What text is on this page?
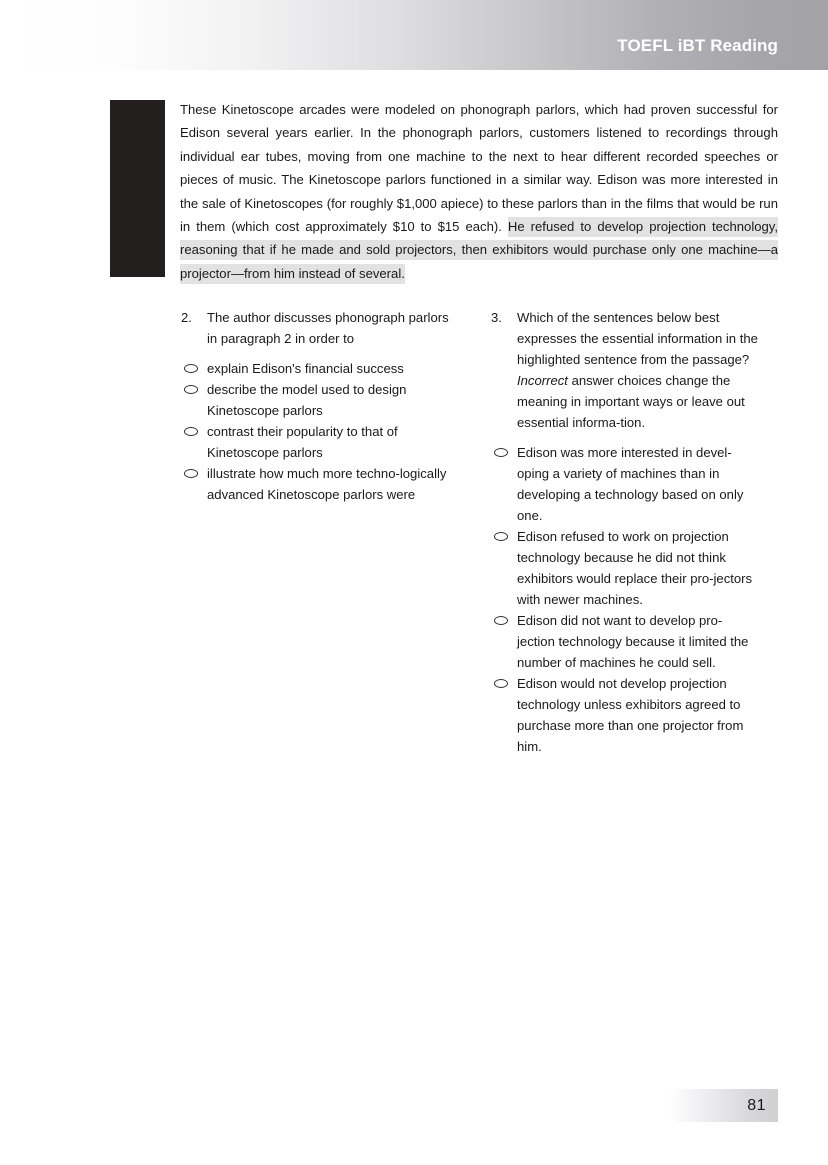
TOEFL iBT Reading
These Kinetoscope arcades were modeled on phonograph parlors, which had proven successful for Edison several years earlier. In the phonograph parlors, customers listened to recordings through individual ear tubes, moving from one machine to the next to hear different recorded speeches or pieces of music. The Kinetoscope parlors functioned in a similar way. Edison was more interested in the sale of Kinetoscopes (for roughly $1,000 apiece) to these parlors than in the films that would be run in them (which cost approximately $10 to $15 each). He refused to develop projection technology, reasoning that if he made and sold projectors, then exhibitors would purchase only one machine—a projector—from him instead of several.
2. The author discusses phonograph parlors in paragraph 2 in order to
explain Edison's financial success
describe the model used to design Kinetoscope parlors
contrast their popularity to that of Kinetoscope parlors
illustrate how much more techno-logically advanced Kinetoscope parlors were
3. Which of the sentences below best expresses the essential information in the highlighted sentence from the passage? Incorrect answer choices change the meaning in important ways or leave out essential informa-tion.
Edison was more interested in devel-oping a variety of machines than in developing a technology based on only one.
Edison refused to work on projection technology because he did not think exhibitors would replace their pro-jectors with newer machines.
Edison did not want to develop pro-jection technology because it limited the number of machines he could sell.
Edison would not develop projection technology unless exhibitors agreed to purchase more than one projector from him.
81
